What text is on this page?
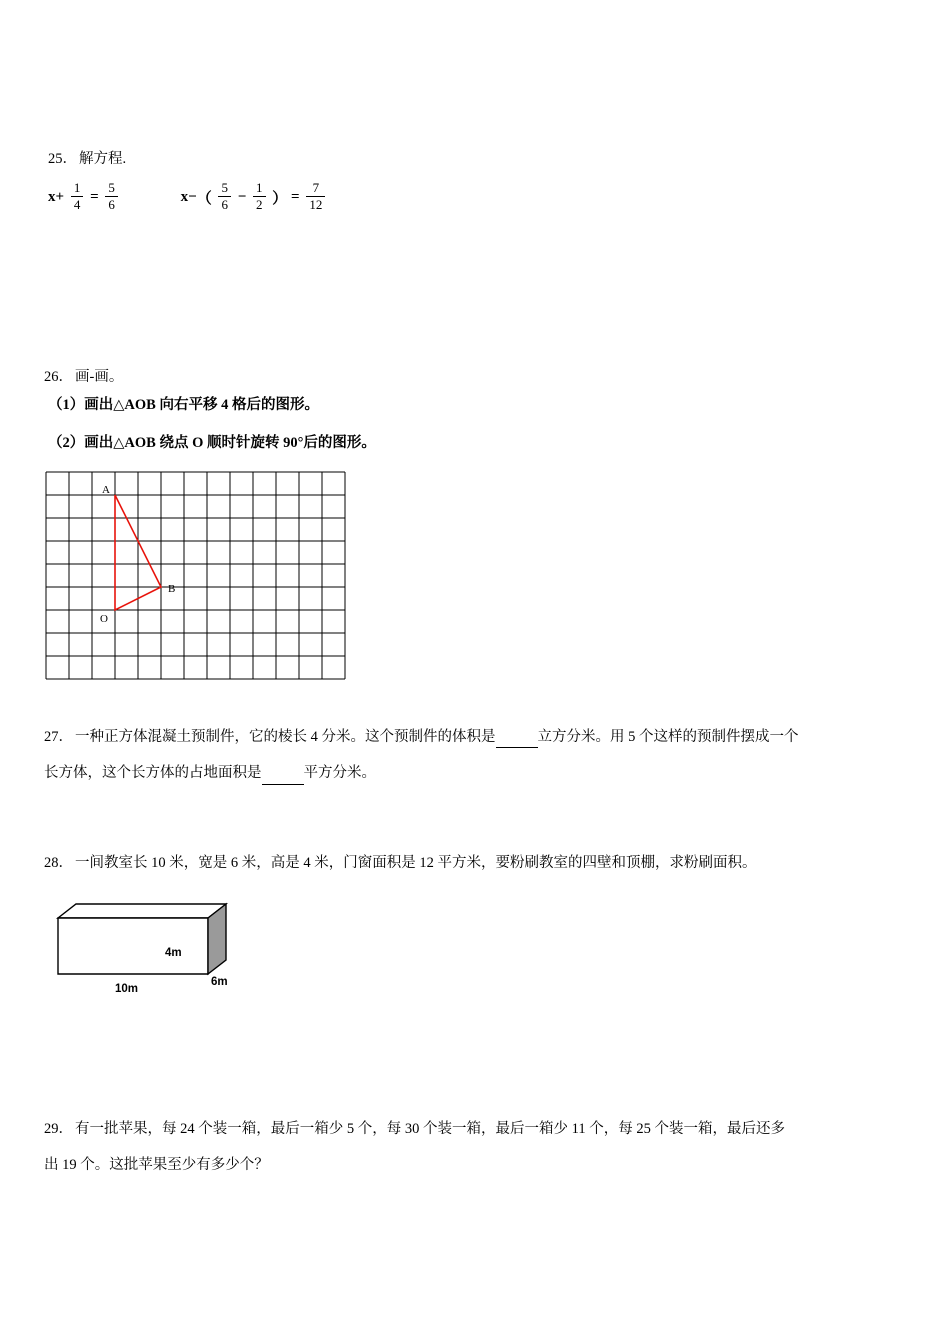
25． 解方程.
$x+ \frac{1}{4} = \frac{5}{6}$	$x-( \frac{5}{6} - \frac{1}{2}$ ） = $\frac{7}{12}$
26． 画-画。
（1）画出△AOB 向右平移 4 格后的图形。
（2）画出△AOB 绕点 O 顺时针旋转 90°后的图形。
A
B
O
27． 一种正方体混凝土预制件，它的棱长 4 分米。这个预制件的体积是	立方分米。用 5 个这样的预制件摆成一个
长方体，这个长方体的占地面积是	平方分米。
28． 一间教室长 10 米，宽是 6 米，高是 4 米，门窗面积是 12 平方米，要粉刷教室的四壁和顶棚，求粉刷面积。
10m
4m
6m
29． 有一批苹果，每 24 个装一箱，最后一箱少 5 个，每 30 个装一箱，最后一箱少 11 个，每 25 个装一箱，最后还多
出 19 个。这批苹果至少有多少个？
